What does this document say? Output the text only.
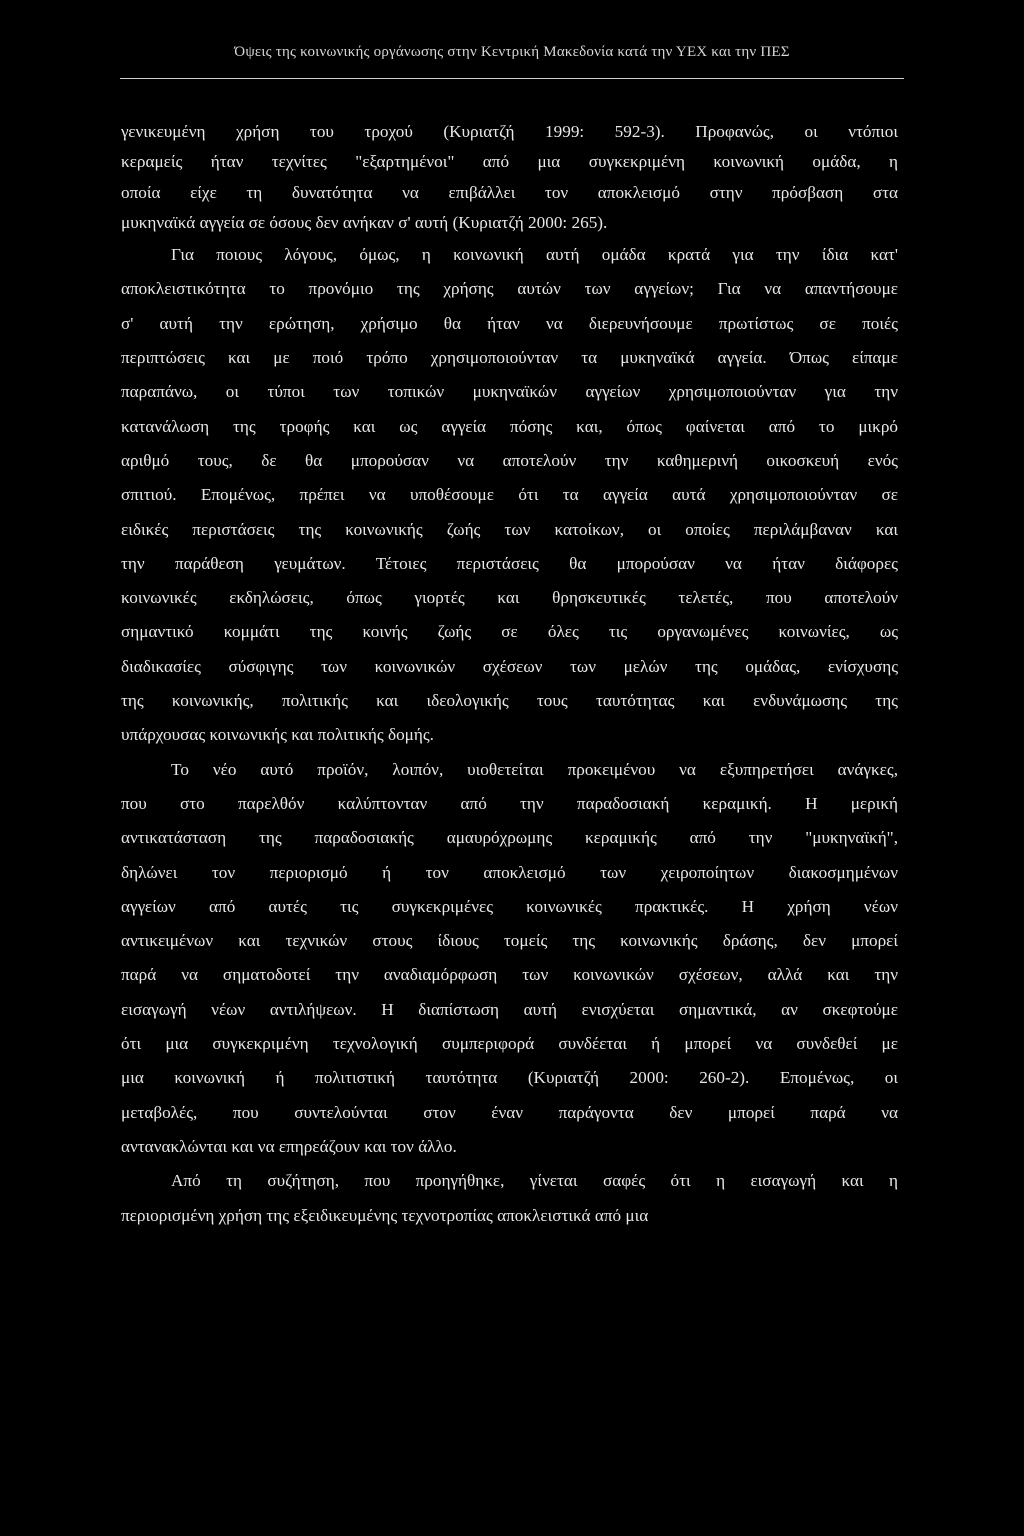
Όψεις της κοινωνικής οργάνωσης στην Κεντρική Μακεδονία κατά την ΥΕΧ και την ΠΕΣ

γενικευμένη χρήση του τροχού (Κυριατζή 1999: 592-3). Προφανώς, οι ντόπιοι
κεραμείς ήταν τεχνίτες "εξαρτημένοι" από μια συγκεκριμένη κοινωνική ομάδα, η
οποία είχε τη δυνατότητα να επιβάλλει τον αποκλεισμό στην πρόσβαση στα
μυκηναϊκά αγγεία σε όσους δεν ανήκαν σ' αυτή (Κυριατζή 2000: 265).

Για ποιους λόγους, όμως, η κοινωνική αυτή ομάδα κρατά για την ίδια κατ'
αποκλειστικότητα το προνόμιο της χρήσης αυτών των αγγείων; Για να απαντήσουμε
σ' αυτή την ερώτηση, χρήσιμο θα ήταν να διερευνήσουμε πρωτίστως σε ποιές
περιπτώσεις και με ποιό τρόπο χρησιμοποιούνταν τα μυκηναϊκά αγγεία. Όπως είπαμε
παραπάνω, οι τύποι των τοπικών μυκηναϊκών αγγείων χρησιμοποιούνταν για την
κατανάλωση της τροφής και ως αγγεία πόσης και, όπως φαίνεται από το μικρό
αριθμό τους, δε θα μπορούσαν να αποτελούν την καθημερινή οικοσκευή ενός
σπιτιού. Επομένως, πρέπει να υποθέσουμε ότι τα αγγεία αυτά χρησιμοποιούνταν σε
ειδικές περιστάσεις της κοινωνικής ζωής των κατοίκων, οι οποίες περιλάμβαναν και
την παράθεση γευμάτων. Τέτοιες περιστάσεις θα μπορούσαν να ήταν διάφορες
κοινωνικές εκδηλώσεις, όπως γιορτές και θρησκευτικές τελετές, που αποτελούν
σημαντικό κομμάτι της κοινής ζωής σε όλες τις οργανωμένες κοινωνίες, ως
διαδικασίες σύσφιγης των κοινωνικών σχέσεων των μελών της ομάδας, ενίσχυσης
της κοινωνικής, πολιτικής και ιδεολογικής τους ταυτότητας και ενδυνάμωσης της
υπάρχουσας κοινωνικής και πολιτικής δομής.

Το νέο αυτό προϊόν, λοιπόν, υιοθετείται προκειμένου να εξυπηρετήσει ανάγκες,
που στο παρελθόν καλύπτονταν από την παραδοσιακή κεραμική. Η μερική
αντικατάσταση της παραδοσιακής αμαυρόχρωμης κεραμικής από την "μυκηναϊκή",
δηλώνει τον περιορισμό ή τον αποκλεισμό των χειροποίητων διακοσμημένων
αγγείων από αυτές τις συγκεκριμένες κοινωνικές πρακτικές. Η χρήση νέων
αντικειμένων και τεχνικών στους ίδιους τομείς της κοινωνικής δράσης, δεν μπορεί
παρά να σηματοδοτεί την αναδιαμόρφωση των κοινωνικών σχέσεων, αλλά και την
εισαγωγή νέων αντιλήψεων. Η διαπίστωση αυτή ενισχύεται σημαντικά, αν σκεφτούμε
ότι μια συγκεκριμένη τεχνολογική συμπεριφορά συνδέεται ή μπορεί να συνδεθεί με
μια κοινωνική ή πολιτιστική ταυτότητα (Κυριατζή 2000: 260-2). Επομένως, οι
μεταβολές, που συντελούνται στον έναν παράγοντα δεν μπορεί παρά να
αντανακλώνται και να επηρεάζουν και τον άλλο.

Από τη συζήτηση, που προηγήθηκε, γίνεται σαφές ότι η εισαγωγή και η
περιορισμένη χρήση της εξειδικευμένης τεχνοτροπίας αποκλειστικά από μια
